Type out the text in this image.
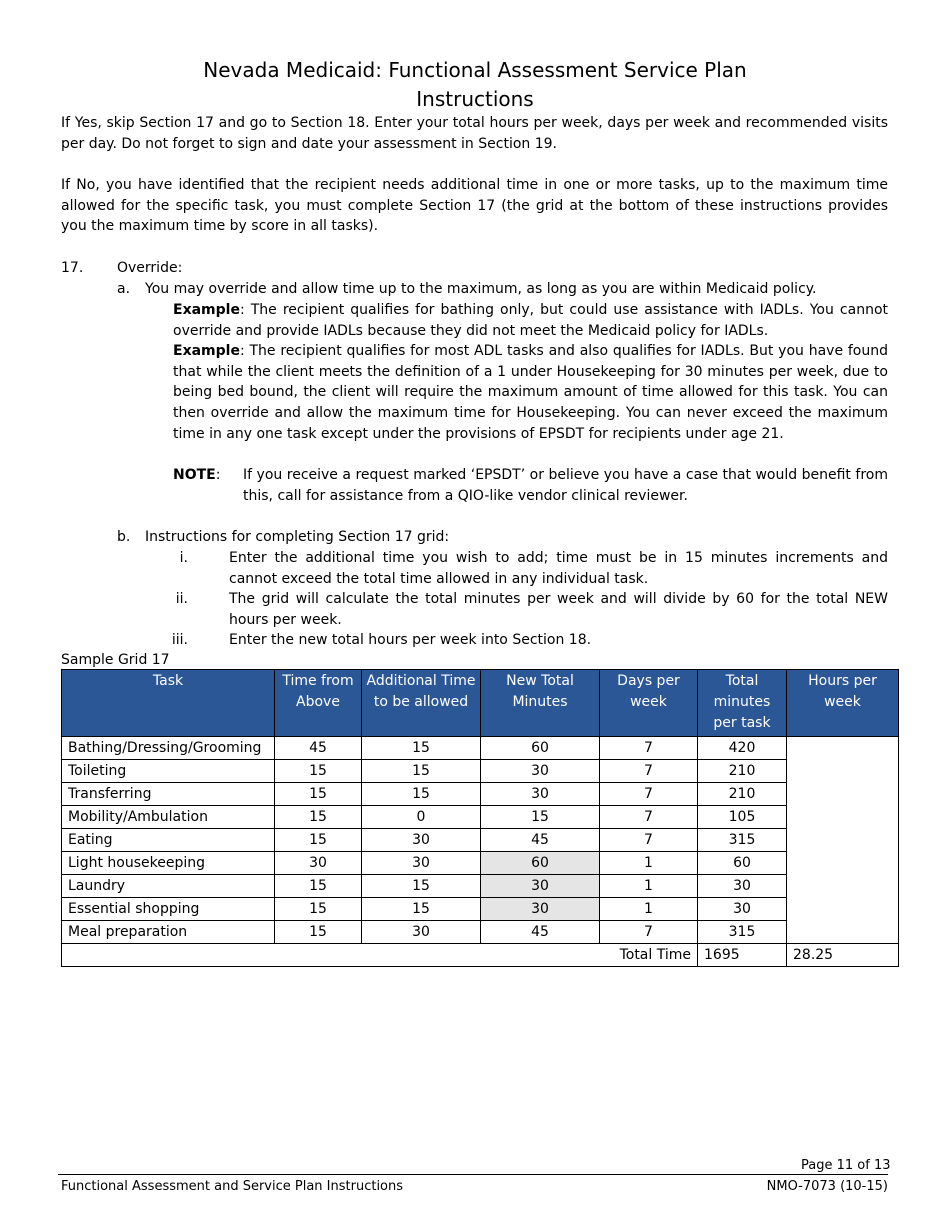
Nevada Medicaid: Functional Assessment Service Plan
Instructions

If Yes, skip Section 17 and go to Section 18. Enter your total hours per week, days per week and recommended visits per day. Do not forget to sign and date your assessment in Section 19.

If No, you have identified that the recipient needs additional time in one or more tasks, up to the maximum time allowed for the specific task, you must complete Section 17 (the grid at the bottom of these instructions provides you the maximum time by score in all tasks).

17. Override:
a. You may override and allow time up to the maximum, as long as you are within Medicaid policy.

Example: The recipient qualifies for bathing only, but could use assistance with IADLs. You cannot override and provide IADLs because they did not meet the Medicaid policy for IADLs.

Example: The recipient qualifies for most ADL tasks and also qualifies for IADLs. But you have found that while the client meets the definition of a 1 under Housekeeping for 30 minutes per week, due to being bed bound, the client will require the maximum amount of time allowed for this task. You can then override and allow the maximum time for Housekeeping. You can never exceed the maximum time in any one task except under the provisions of EPSDT for recipients under age 21.

NOTE: If you receive a request marked ‘EPSDT’ or believe you have a case that would benefit from this, call for assistance from a QIO-like vendor clinical reviewer.

b. Instructions for completing Section 17 grid:
i.	Enter the additional time you wish to add; time must be in 15 minutes increments and cannot exceed the total time allowed in any individual task.

ii.	The grid will calculate the total minutes per week and will divide by 60 for the total NEW hours per week.

iii.	Enter the new total hours per week into Section 18.

Sample Grid 17
Task	Time from Above	Additional Time to be allowed	New Total Minutes	Days per week	Total minutes per task	Hours per week
Bathing/Dressing/Grooming	45	15	60	7	420	
Toileting	15	15	30	7	210	
Transferring	15	15	30	7	210	
Mobility/Ambulation	15	0	15	7	105	
Eating	15	30	45	7	315	
Light housekeeping	30	30	60	1	60	
Laundry	15	15	30	1	30	
Essential shopping	15	15	30	1	30	
Meal preparation	15	30	45	7	315	
Total Time					1695	28.25
Page 11 of 13
Functional Assessment and Service Plan Instructions	NMO-7073 (10-15)
